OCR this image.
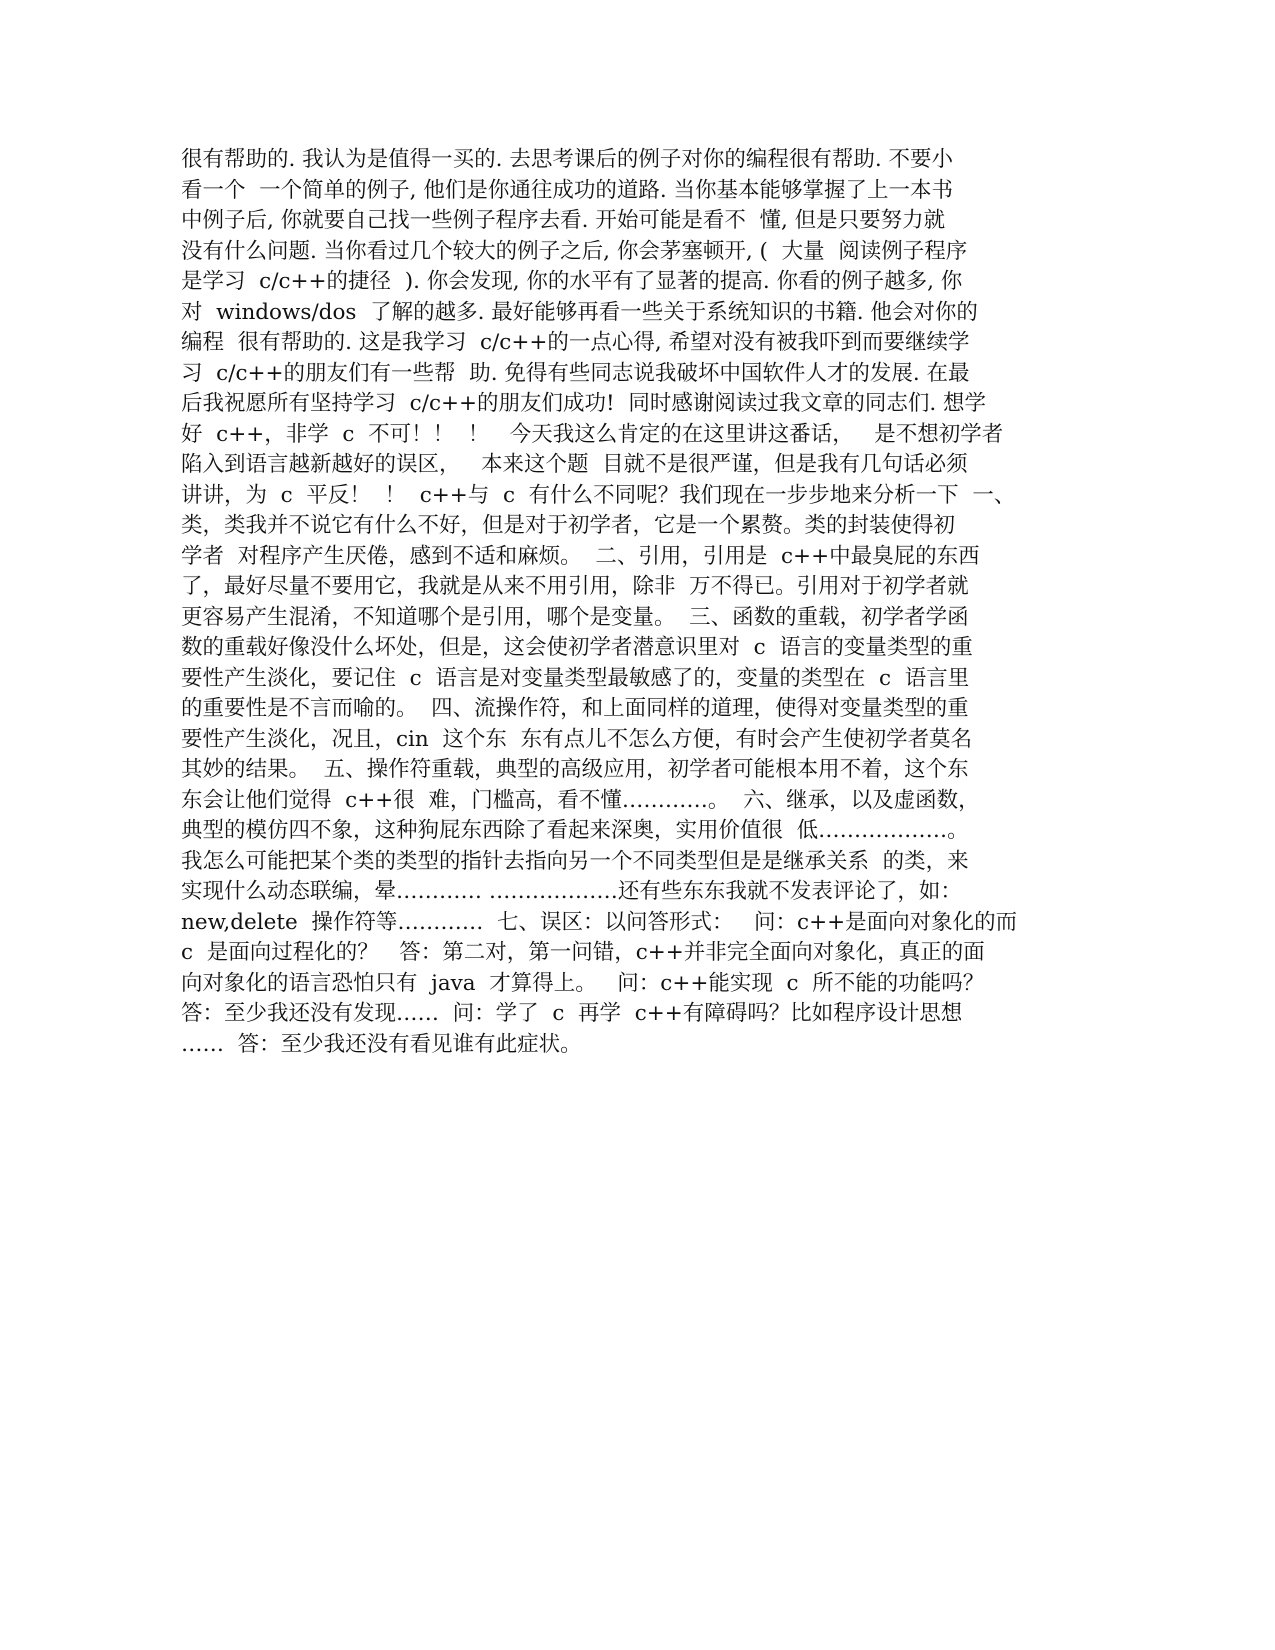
很有帮助的. 我认为是值得一买的. 去思考课后的例子对你的编程很有帮助. 不要小
看一个  一个简单的例子, 他们是你通往成功的道路. 当你基本能够掌握了上一本书
中例子后, 你就要自己找一些例子程序去看. 开始可能是看不  懂, 但是只要努力就
没有什么问题. 当你看过几个较大的例子之后, 你会茅塞顿开, (  大量  阅读例子程序
是学习  c/c++的捷径  ). 你会发现, 你的水平有了显著的提高. 你看的例子越多, 你
对  windows/dos  了解的越多. 最好能够再看一些关于系统知识的书籍. 他会对你的
编程  很有帮助的. 这是我学习  c/c++的一点心得, 希望对没有被我吓到而要继续学
习  c/c++的朋友们有一些帮  助. 免得有些同志说我破坏中国软件人才的发展. 在最
后我祝愿所有坚持学习  c/c++的朋友们成功!  同时感谢阅读过我文章的同志们. 想学
好  c++，非学  c  不可！！  ！   今天我这么肯定的在这里讲这番话，   是不想初学者
陷入到语言越新越好的误区，   本来这个题  目就不是很严谨，但是我有几句话必须
讲讲，为  c  平反！  ！  c++与  c  有什么不同呢？我们现在一步步地来分析一下  一、
类，类我并不说它有什么不好，但是对于初学者，它是一个累赘。类的封装使得初
学者  对程序产生厌倦，感到不适和麻烦。  二、引用，引用是  c++中最臭屁的东西
了，最好尽量不要用它，我就是从来不用引用，除非  万不得已。引用对于初学者就
更容易产生混淆，不知道哪个是引用，哪个是变量。  三、函数的重载，初学者学函
数的重载好像没什么坏处，但是，这会使初学者潜意识里对  c  语言的变量类型的重
要性产生淡化，要记住  c  语言是对变量类型最敏感了的，变量的类型在  c  语言里
的重要性是不言而喻的。  四、流操作符，和上面同样的道理，使得对变量类型的重
要性产生淡化，况且，cin  这个东  东有点儿不怎么方便，有时会产生使初学者莫名
其妙的结果。  五、操作符重载，典型的高级应用，初学者可能根本用不着，这个东
东会让他们觉得  c++很  难，门槛高，看不懂…………。  六、继承，以及虚函数，
典型的模仿四不象，这种狗屁东西除了看起来深奥，实用价值很  低………………。
我怎么可能把某个类的类型的指针去指向另一个不同类型但是是继承关系  的类，来
实现什么动态联编，晕………… ………………还有些东东我就不发表评论了，如：
new,delete  操作符等…………  七、误区：以问答形式：   问：c++是面向对象化的而
c  是面向过程化的？   答：第二对，第一问错，c++并非完全面向对象化，真正的面
向对象化的语言恐怕只有  java  才算得上。   问：c++能实现  c  所不能的功能吗？
答：至少我还没有发现……  问：学了  c  再学  c++有障碍吗？比如程序设计思想
……  答：至少我还没有看见谁有此症状。
